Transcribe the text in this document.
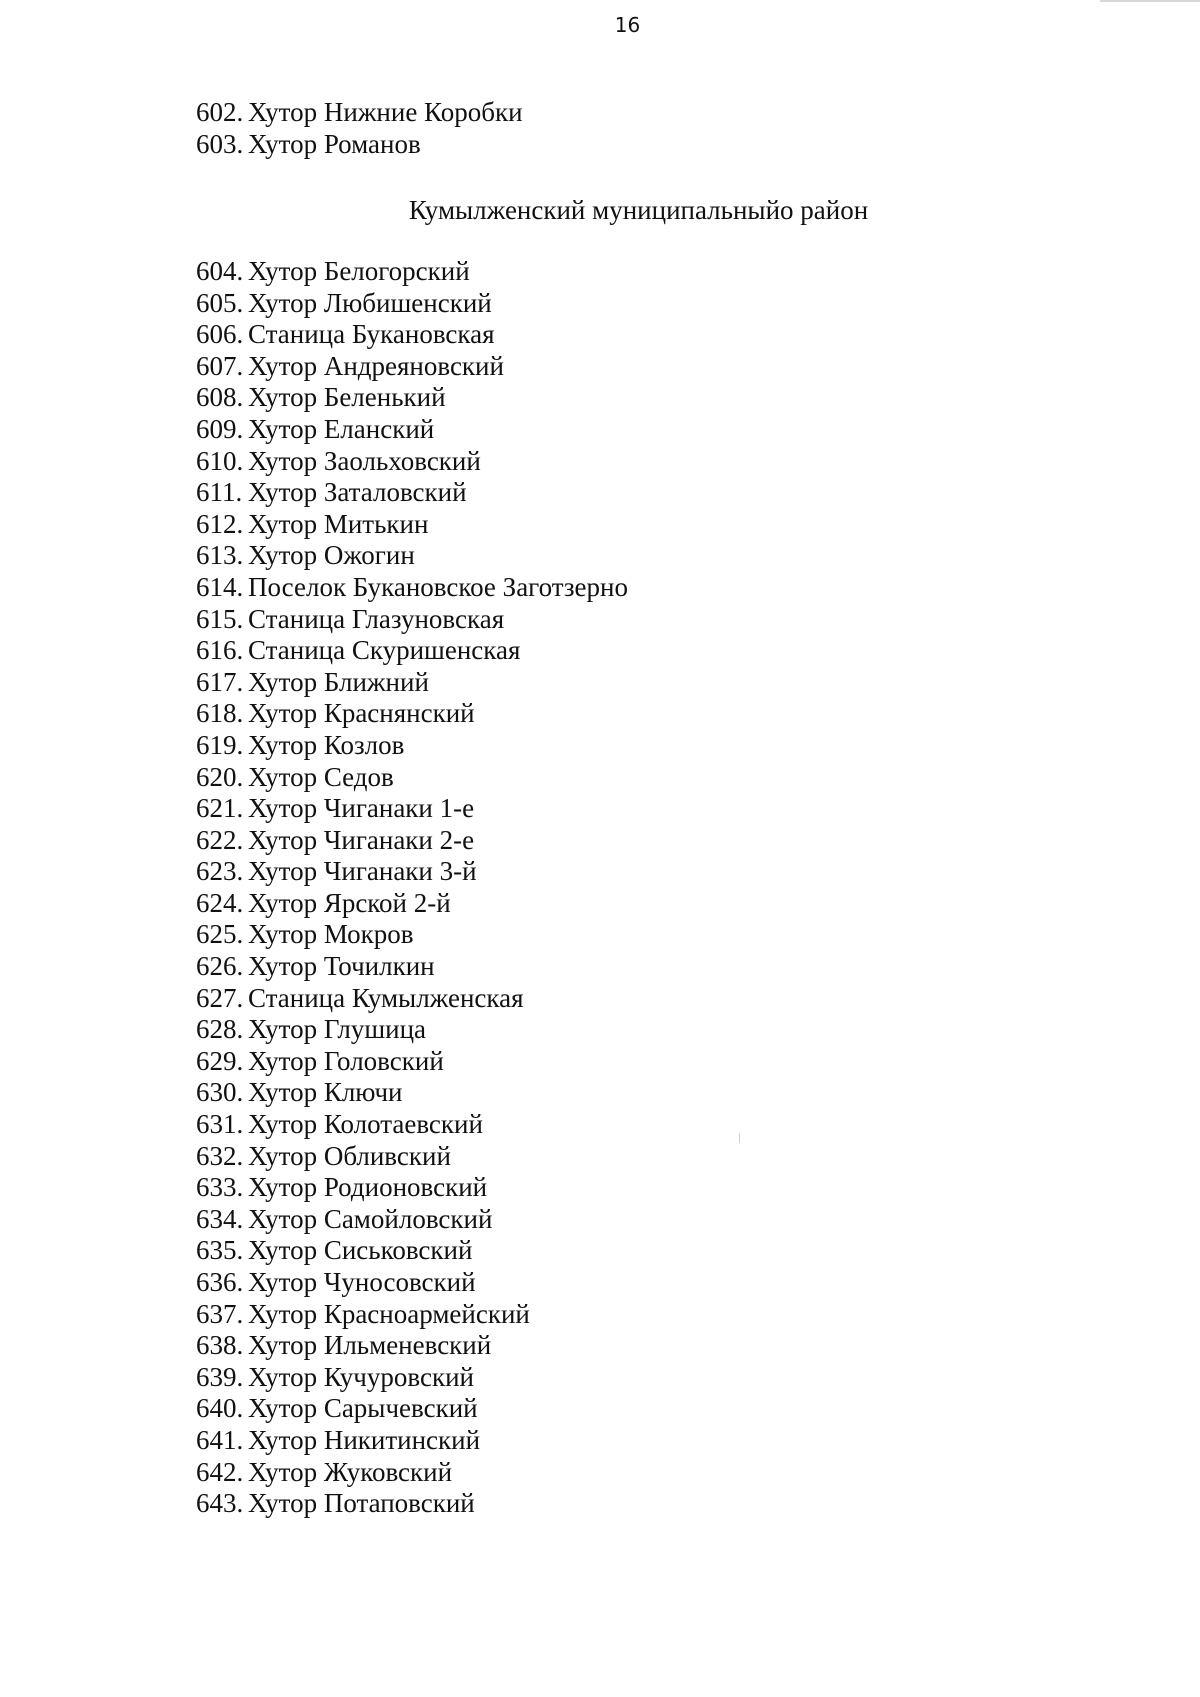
16
602. Хутор Нижние Коробки
603. Хутор Романов
Кумылженский муниципальныйо район
604. Хутор Белогорский
605. Хутор Любишенский
606. Станица Букановская
607. Хутор Андреяновский
608. Хутор Беленький
609. Хутор Еланский
610. Хутор Заольховский
611. Хутор Заталовский
612. Хутор Митькин
613. Хутор Ожогин
614. Поселок Букановское Заготзерно
615. Станица Глазуновская
616. Станица Скуришенская
617. Хутор Ближний
618. Хутор Краснянский
619. Хутор Козлов
620. Хутор Седов
621. Хутор Чиганаки 1-е
622. Хутор Чиганаки 2-е
623. Хутор Чиганаки 3-й
624. Хутор Ярской 2-й
625. Хутор Мокров
626. Хутор Точилкин
627. Станица Кумылженская
628. Хутор Глушица
629. Хутор Головский
630. Хутор Ключи
631. Хутор Колотаевский
632. Хутор Обливский
633. Хутор Родионовский
634. Хутор Самойловский
635. Хутор Сиськовский
636. Хутор Чуносовский
637. Хутор Красноармейский
638. Хутор Ильменевский
639. Хутор Кучуровский
640. Хутор Сарычевский
641. Хутор Никитинский
642. Хутор Жуковский
643. Хутор Потаповский
